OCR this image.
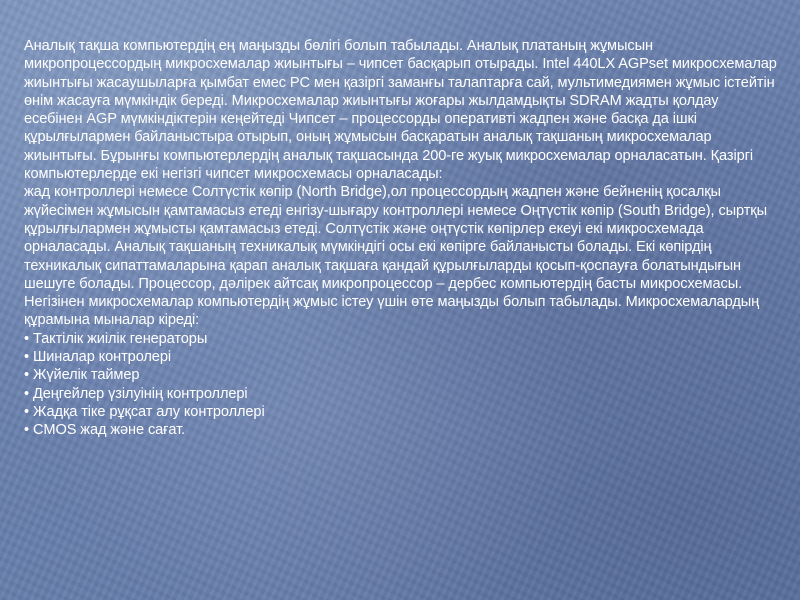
Аналық тақша компьютердің ең маңызды бөлігі болып табылады. Аналық платаның жұмысын микропроцессордың микросхемалар жиынтығы – чипсет басқарып отырады. Intel 440LX AGPset микросхемалар жиынтығы жасаушыларға қымбат емес PC мен қазіргі заманғы талаптарға сай, мультимедиямен жұмыс істейтін өнім жасауға мүмкіндік береді. Микросхемалар жиынтығы жоғары жылдамдықты SDRAM жадты қолдау есебінен AGP мүмкіндіктерін кеңейтеді Чипсет – процессорды оперативті жадпен және басқа да ішкі құрылғылармен байланыстыра отырып, оның жұмысын басқаратын аналық тақшаның микросхемалар жиынтығы. Бұрынғы компьютерлердің аналық тақшасында 200-ге жуық микросхемалар орналасатын. Қазіргі компьютерлерде екі негізгі чипсет микросхемасы орналасады:

жад контроллері немесе Солтүстік көпір (North Bridge),ол процессордың жадпен және бейненің қосалқы жүйесімен жұмысын қамтамасыз етеді енгізу-шығару контроллері немесе Оңтүстік көпір (South Bridge), сыртқы құрылғылармен жұмысты қамтамасыз етеді. Солтүстік және оңтүстік көпірлер екеуі екі микросхемада орналасады. Аналық тақшаның техникалық мүмкіндігі осы екі көпірге байланысты болады. Екі көпірдің техникалық сипаттамаларына қарап аналық тақшаға қандай құрылғыларды қосып-қоспауға болатындығын шешуге болады. Процессор, дәлірек айтсақ микропроцессор – дербес компьютердің басты микросхемасы. Негізінен микросхемалар компьютердің жұмыс істеу үшін өте маңызды болып табылады. Микросхемалардың құрамына мыналар кіреді:

• Тактілік жиілік генераторы
• Шиналар контролері
• Жүйелік таймер
• Деңгейлер үзілуінің контроллері
• Жадқа тіке рұқсат алу контроллері
• CMOS жад және сағат.
